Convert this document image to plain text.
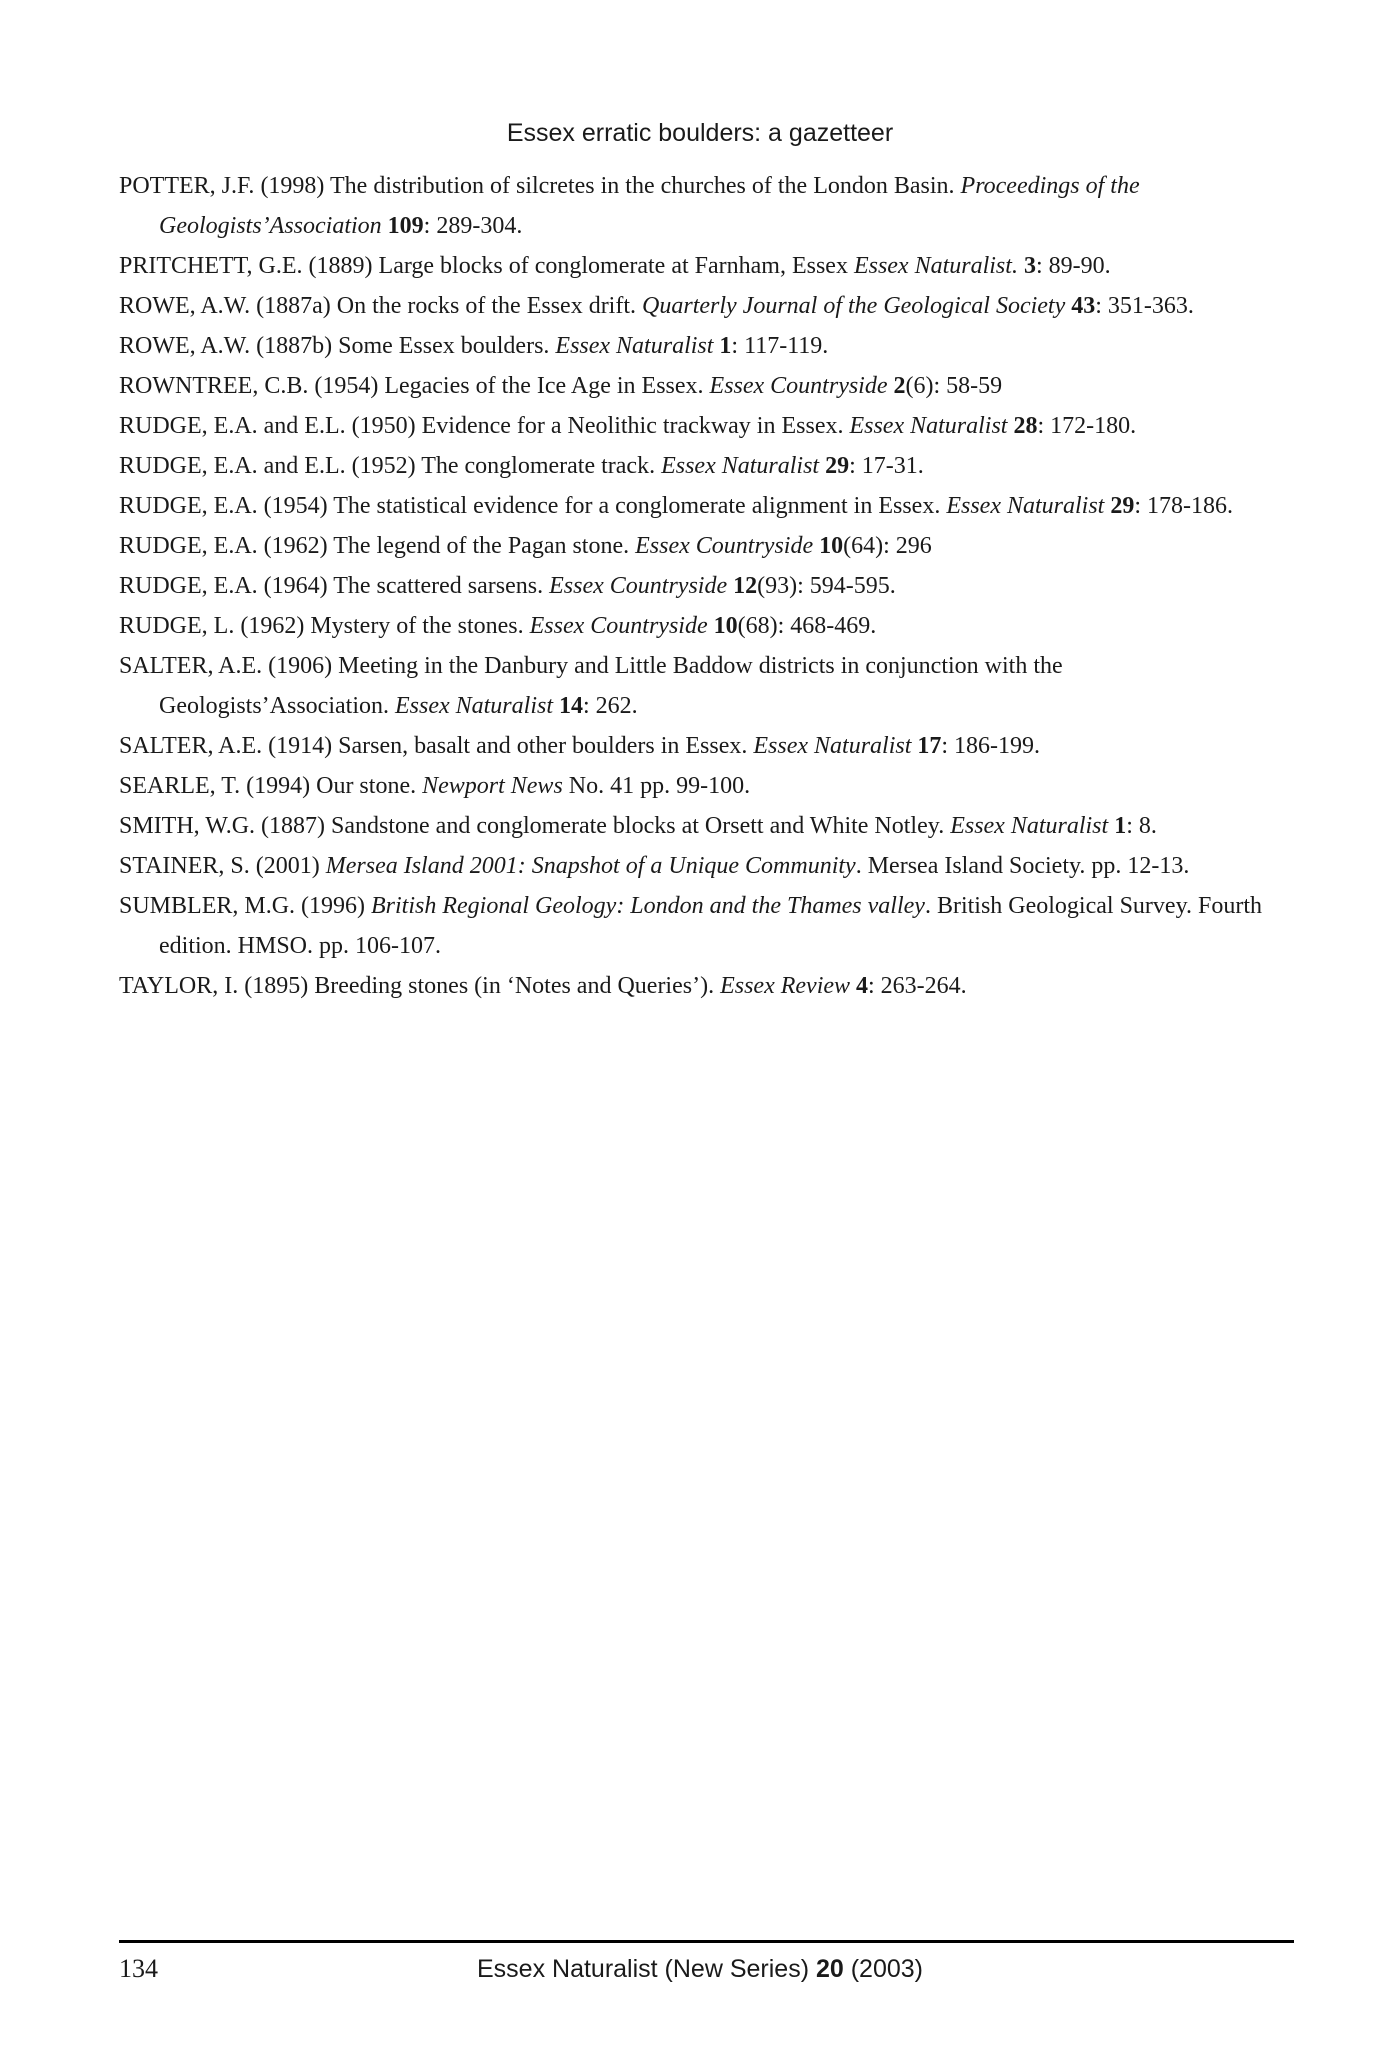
Essex erratic boulders: a gazetteer
POTTER, J.F. (1998) The distribution of silcretes in the churches of the London Basin. Proceedings of the Geologists’Association 109: 289-304.
PRITCHETT, G.E. (1889) Large blocks of conglomerate at Farnham, Essex Essex Naturalist. 3: 89-90.
ROWE, A.W. (1887a) On the rocks of the Essex drift. Quarterly Journal of the Geological Society 43: 351-363.
ROWE, A.W. (1887b) Some Essex boulders. Essex Naturalist 1: 117-119.
ROWNTREE, C.B. (1954) Legacies of the Ice Age in Essex. Essex Countryside 2(6): 58-59
RUDGE, E.A. and E.L. (1950) Evidence for a Neolithic trackway in Essex. Essex Naturalist 28: 172-180.
RUDGE, E.A. and E.L. (1952) The conglomerate track. Essex Naturalist 29: 17-31.
RUDGE, E.A. (1954) The statistical evidence for a conglomerate alignment in Essex. Essex Naturalist 29: 178-186.
RUDGE, E.A. (1962) The legend of the Pagan stone. Essex Countryside 10(64): 296
RUDGE, E.A. (1964) The scattered sarsens. Essex Countryside 12(93): 594-595.
RUDGE, L. (1962) Mystery of the stones. Essex Countryside 10(68): 468-469.
SALTER, A.E. (1906) Meeting in the Danbury and Little Baddow districts in conjunction with the Geologists’Association. Essex Naturalist 14: 262.
SALTER, A.E. (1914) Sarsen, basalt and other boulders in Essex. Essex Naturalist 17: 186-199.
SEARLE, T. (1994) Our stone. Newport News No. 41 pp. 99-100.
SMITH, W.G. (1887) Sandstone and conglomerate blocks at Orsett and White Notley. Essex Naturalist 1: 8.
STAINER, S. (2001) Mersea Island 2001: Snapshot of a Unique Community. Mersea Island Society. pp. 12-13.
SUMBLER, M.G. (1996) British Regional Geology: London and the Thames valley. British Geological Survey. Fourth edition. HMSO. pp. 106-107.
TAYLOR, I. (1895) Breeding stones (in ‘Notes and Queries’). Essex Review 4: 263-264.
134	Essex Naturalist (New Series) 20 (2003)
